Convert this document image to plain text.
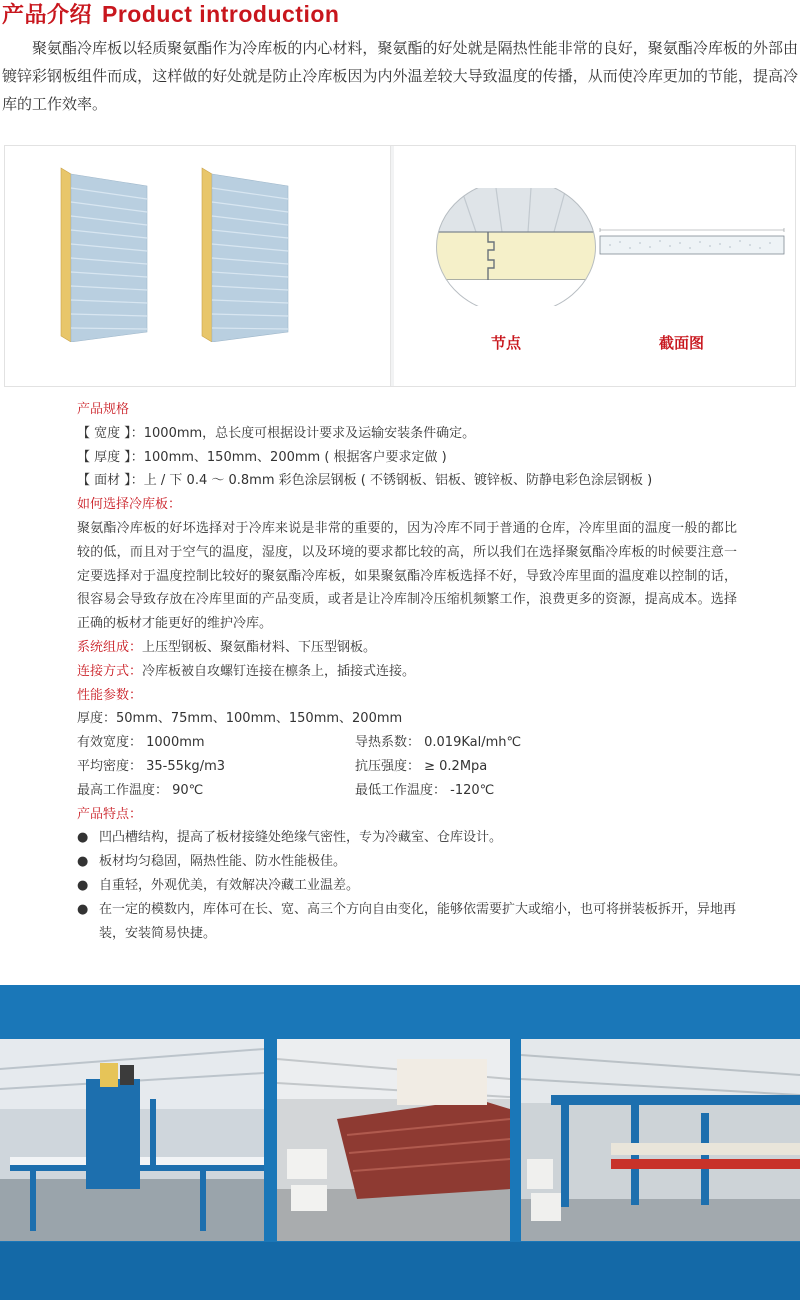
产品介绍 Product introduction

聚氨酯冷库板以轻质聚氨酯作为冷库板的内心材料，聚氨酯的好处就是隔热性能非常的良好，聚氨酯冷库板的外部由镀锌彩钢板组件而成，这样做的好处就是防止冷库板因为内外温差较大导致温度的传播，从而使冷库更加的节能，提高冷库的工作效率。

节点	截面图
产品规格
【 宽度 】：1000mm，总长度可根据设计要求及运输安装条件确定。
【 厚度 】：100mm、150mm、200mm ( 根据客户要求定做 )
【 面材 】：上 / 下 0.4 ～ 0.8mm 彩色涂层钢板 ( 不锈钢板、铝板、镀锌板、防静电彩色涂层钢板 )
如何选择冷库板：
聚氨酯冷库板的好坏选择对于冷库来说是非常的重要的，因为冷库不同于普通的仓库，冷库里面的温度一般的都比较的低，而且对于空气的温度，湿度，以及环境的要求都比较的高，所以我们在选择聚氨酯冷库板的时候要注意一定要选择对于温度控制比较好的聚氨酯冷库板，如果聚氨酯冷库板选择不好，导致冷库里面的温度难以控制的话，很容易会导致存放在冷库里面的产品变质，或者是让冷库制冷压缩机频繁工作，浪费更多的资源，提高成本。选择正确的板材才能更好的维护冷库。
系统组成：上压型钢板、聚氨酯材料、下压型钢板。
连接方式：冷库板被自攻螺钉连接在檩条上，插接式连接。
性能参数：
厚度：50mm、75mm、100mm、150mm、200mm
有效宽度： 1000mm	导热系数： 0.019Kal/mh℃
平均密度： 35-55kg/m3	抗压强度： ≥ 0.2Mpa
最高工作温度： 90℃	最低工作温度： -120℃
产品特点：
● 凹凸槽结构，提高了板材接缝处绝缘气密性，专为冷藏室、仓库设计。
● 板材均匀稳固，隔热性能、防水性能极佳。
● 自重轻，外观优美，有效解决冷藏工业温差。
● 在一定的模数内，库体可在长、宽、高三个方向自由变化，能够依需要扩大或缩小，也可将拼装板拆开，异地再装，安装简易快捷。
